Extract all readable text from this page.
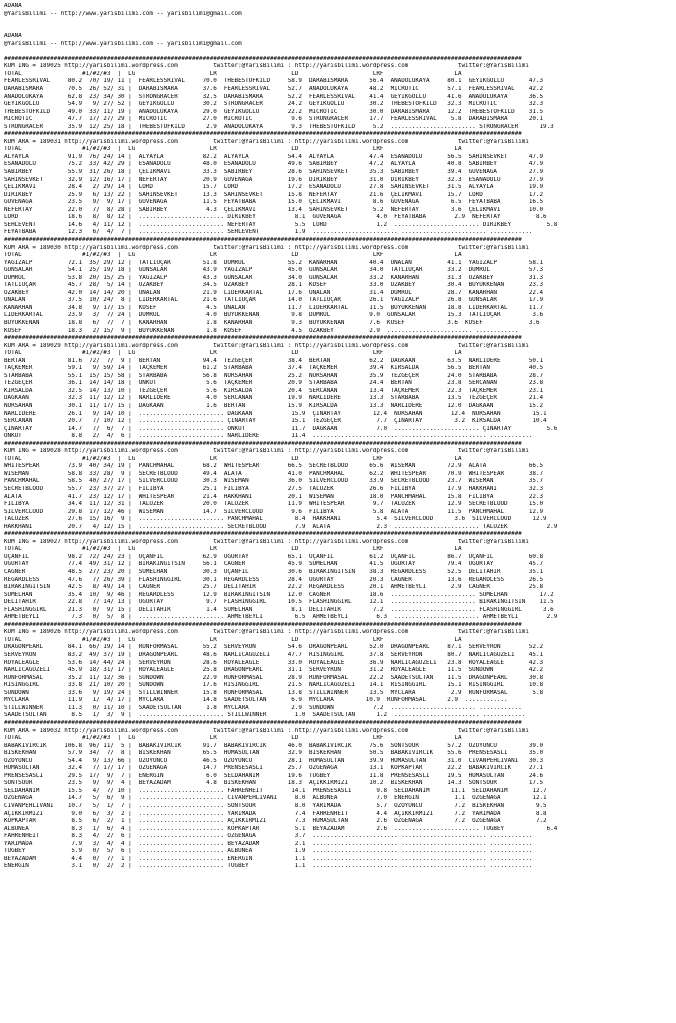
ADANA
@YarisBilimi -- http://www.yarisbilimi.com -- yarisbilimi@gmail.com

ADANA
@YarisBilimi -- http://www.yarisbilimi.com -- yarisbilimi@gmail.com

##################################################################################################################################################
KUM ING = 189025 http://yarisbilimi.wordpress.com          twitter:@YarisBilimi : http://yarisbilimi.wordpress.com              twitter:@YarisBilimi
TOTAL                 #1/#2/#3  |  LG                     LR                     LD                     LRF                    LA
FEARLESSRIVAL     80.2  70/ 19/ 11 |  FEARLESSRIVAL     70.0  THEBESTOFKILD     58.9  DARABISMARA      56.4  ANADOLUKAYA     80.1  GEYIKGÖLLÜ       47.3
DARABISMARA       70.5  26/ 52/ 31 |  DARABISMARA       37.6  FEARLESSRIVAL     52.7  ANADOLUKAYA      48.2  MICROTIC        57.1  FEARLESSRIVAL    42.2
ANADOLUKAYA       62.8  23/ 34/ 30 |  STRONGRACER       32.5  DARABISMARA       52.2  FEARLESSRIVAL    41.4  GEYIKGÖLLÜ      41.6  ANADOLUKAYA      36.5
GEYIKGÖLLÜ        54.9   9/ 27/ 52 |  GEYIKGÖLLÜ        30.2  STRONGRACER       24.2  GEYIKGÖLLÜ       30.2  THEBESTOFKILD   32.3  MICROTIC         32.3
THEBESTOFKILD     49.0  33/ 11/ 19 |  ANADOLUKAYA       29.0  GEYIKGÖLLÜ        22.2  MICROTIC         30.0  DARABISMARA     12.2  THEBESTOFKILD    31.5
MICROTIC          47.7  17/ 27/ 29 |  MICROTIC          27.0  MICROTIC           9.6  STRONGRACER      17.7  FEARLESSRIVAL    5.8  DARABISMARA      20.1
STRONGRACER       35.9  12/ 25/ 18 |  THEBESTOFKILD      2.9  ANADOLUKAYA        9.3  THEBESTOFKILD     5.2  ........................ STRONGRACER      19.3
##################################################################################################################################################
KUM ARA = 189031 http://yarisbilimi.wordpress.com          twitter:@YarisBilimi : http://yarisbilimi.wordpress.com              twitter:@YarisBilimi
TOTAL                 #1/#2/#3  |  LG                     LR                     LD                     LRF                    LA
ALYAYLA           91.9  76/ 24/ 14 |  ALYAYLA           82.2  ALYAYLA           54.4  ALYAYLA          47.4  ESANADOLU       56.5  SAHINSEVKET      47.9
ESANADOLU         75.2  33/ 42/ 29 |  ESANADOLU         48.0  ESANADOLU         49.6  SABIRBEY         47.2  ALYAYLA         40.8  SABIRBEY         47.9
SABIRBEY          55.9  31/ 26/ 18 |  ÇELIKMAVI         33.3  SABIRBEY          28.6  SAHINSEVKET      35.3  SABIRBEY        39.4  GÜVENAGA         27.9
SAHINSEVKET       32.9  12/ 16/ 17 |  NEFERTAY          20.9  GÜVENAGA          19.6  DIRIKBEY         31.0  DIRIKBEY        32.3  ESANADOLU        27.9
ÇELIKMAVI         28.4   2/ 29/ 14 |  LORD              15.7  LORD              17.2  ESANADOLU        27.8  SAHINSEVKET     31.5  ALYAYLA          19.9
DIRIKBEY          25.9   6/ 13/ 22 |  SAHINSEVKET       13.3  SAHINSEVKET       15.8  NEFERTAY         21.6  ÇELIKMAVI       15.7  LORD             17.2
GÜVENAGA          23.5   9/  9/ 17 |  GÜVENAGA          11.5  FEYATBABA         15.0  ÇELIKMAVI         8.6  GÜVENAGA         6.5  FEYATBABA        16.5
NEFERTAY          22.0   7/  8/ 28 |  SABIRBEY           4.3  ÇELIKMAVI         13.4  SAHINSEVKET       5.2  NEFERTAY         3.6  ÇELIKMAVI        10.0
LORD              18.6   8/  8/ 12 |  ........................ DIRIKBEY           8.1  GÜVENAGA          4.0  FEYATBABA        2.9  NEFERTAY          8.6
SEHLEVENT         14.6   4/ 11/ 12 |  ........................ NEFERTAY           5.5  LORD              1.2  ........................ DIRIKBEY          5.8
FEYATBABA         12.3   6/  4/  7 |  ........................ SEHLEVENT          1.9  ........................ ........................ ............
##################################################################################################################################################
KUM ARA = 189030 http://yarisbilimi.wordpress.com          twitter:@YarisBilimi : http://yarisbilimi.wordpress.com              twitter:@YarisBilimi
TOTAL                 #1/#2/#3  |  LG                     LR                     LD                     LRF                    LA
YAGIZALP          72.1  35/ 29/ 12 |  TATLIÜÇAR         51.8  DUMRUL            55.2  KANARHAN         40.4  ÜNALAN          41.1  YAGIZALP         58.1
GÜNSALAR          54.1  25/ 19/ 18 |  GÜNSALAR          43.9  YAGIZALP          45.0  GÜNSALAR         34.0  TATLIÜÇAR       33.2  DUMRUL           57.3
DUMRUL            53.8  20/ 15/ 25 |  YAGIZALP          43.3  GÜNSALAR          34.0  GÜNSALAR         33.2  KANARHAN        31.3  ÖZAKBEY          31.3
TATLIÜÇAR         45.7  28/  5/ 14 |  ÖZAKBEY           34.5  ÖZAKBEY           28.1  KÖSEF            33.0  ÖZAKBEY         30.4  BÜYÜKKENAN       23.3
ÖZAKBEY           42.0  14/ 14/ 20 |  ÜNALAN            21.9  LIDERKARTAL       17.6  ÜNALAN           31.4  DUMRUL          28.7  KANARHAN         22.4
ÜNALAN            37.5  10/ 24/  8 |  LIDERKARTAL       21.6  TATLIÜÇAR         14.0  TATLIÜÇAR        26.1  YAGIZALP        26.8  GÜNSALAR         17.9
KANARHAN          34.8   9/ 17/ 15 |  KÖSEF              4.5  ÜNALAN            11.7  LIDERKARTAL      11.5  BÜYÜKKENAN      18.8  LIDERKARTAL      11.7
LIDERKARTAL       23.9   3/  7/ 24 |  DUMRUL             4.0  BÜYÜKKENAN         9.8  DUMRUL           9.0  GÜNSALAR         15.3  TATLIÜÇAR         3.6
BÜYÜKKENAN        18.8   6/  7/  7 |  KANARHAN           1.8  KANARHAN           9.3  BÜYÜKKENAN       7.6  KÖSEF            3.6  KÖSEF             3.6
KÖSEF             18.3   2/ 15/  9 |  BÜYÜKKENAN         1.8  KÖSEF              4.5  ÖZAKBEY          2.9  ........................ ............
##################################################################################################################################################
KUM ARA = 189029 http://yarisbilimi.wordpress.com          twitter:@YarisBilimi : http://yarisbilimi.wordpress.com              twitter:@YarisBilimi
TOTAL                 #1/#2/#3  |  LG                     LR                     LD                     LRF                    LA
BERTAN            81.6  72/  7/  9 |  BERTAN            94.4  TEZGEÇER          38.4  BERTAN           62.2  DAGKAAN         63.5  NARLIDERE        50.1
TAÇKEMER          59.1   9/ 59/ 14 |  TAÇKEMER          61.2  STARBABA          37.4  TAÇKEMER         39.4  KIRSALDA        56.5  BERTAN           40.5
STARBABA          55.1  15/ 15/ 58 |  STARBABA          56.8  NURSAHAN          25.2  NURSAHAN         35.9  TEZGEÇER        24.0  STARBABA         28.7
TEZGEÇER          36.1  14/ 14/ 18 |  ONKUT              5.6  TAÇKEMER          20.9  STARBABA         24.4  BERTAN          23.8  SERCANAN         23.8
KIRSALDA          32.5  14/ 13/ 10 |  TEZGEÇER           5.6  KIRSALDA          20.4  SERCANAN         13.4  TAÇKEMER        22.3  TAÇKEMER         23.1
DAGKAAN           32.3  11/ 12/ 12 |  NARLIDERE          4.0  SERCANAN          19.9  NARLIDERE        13.3  STARBABA        13.5  TEZGEÇER         21.4
NURSAHAN          30.1  11/ 17/ 15 |  DAGKAAN            1.6  BERTAN            15.9  KIRSALDA         13.3  NARLIDERE       12.0  DAGKAAN          15.2
NARLIDERE         26.1   9/ 14/ 10 |  ........................ DAGKAAN           15.9  ÇINARTAY         12.4  NURSAHAN        12.4  NURSAHAN         15.1
SERCANAN          20.7   7/ 10/ 12 |  ........................ ÇINARTAY          15.1  TEZGEÇER          7.7  ÇINARTAY         3.2  KIRSALDA         10.4
ÇINARTAY          14.7   7/  6/  7 |  ........................ ONKUT             11.7  DAGKAAN           7.0  ........................ ÇINARTAY          5.6
ONKUT              8.8   2/  4/  6 |  ........................ NARLIDERE         11.4  ........................ ........................ ............
##################################################################################################################################################
KUM ING = 189028 http://yarisbilimi.wordpress.com          twitter:@YarisBilimi : http://yarisbilimi.wordpress.com              twitter:@YarisBilimi
TOTAL                 #1/#2/#3  |  LG                     LR                     LD                     LRF                    LA
WHITESPEAR        73.9  40/ 34/ 19 |  PANCHMAHAL        68.2  WHITESPEAR        66.5  SECRETBLOOD      65.6  WISEMAN         72.9  ALATA            66.5
WISEMAN           58.8  33/ 28/  9 |  SECRETBLOOD       49.4  ALATA             41.0  PANCHMAHAL       62.2  WHITESPEAR      70.9  WHITESPEAR       38.7
PANCHMAHAL        58.5  40/ 27/ 17 |  SILVERCLOUD       30.3  WISEMAN           36.0  SILVERCLOUD      33.9  SECRETBLOOD     23.7  WISEMAN          35.7
SECRETBLOOD       55.7  23/ 37/ 27 |  FILIBYA           25.1  FILIBYA           27.5  TALUZEK          26.6  FILIBYA         17.9  HAKKHANI         32.3
ALATA             41.7  23/ 12/ 17 |  WHITESPEAR        21.4  HAKKHANI          20.1  WISEMAN          18.0  PANCHMAHAL      15.8  FILIBYA          22.3
FILIBYA           34.4  11/ 12/ 31 |  TALUZEK           20.0  TALUZEK           11.9  WHITESPEAR        9.7  TALUZEK         12.9  SECRETBLOOD      15.0
SILVERCLOUD       29.8  17/ 12/ 46 |  WISEMAN           14.7  SILVERCLOUD        9.6  FILIBYA           5.8  ALATA           11.5  PANCHMAHAL       12.9
TALUZEK           27.6  15/ 16/  9 |  ........................ PANCHMAHAL         8.4  HAKKHANI          5.4  SILVERCLOUD      3.6  SILVERCLOUD      12.9
HAKKHANI          20.7   4/ 12/ 15 |  ........................ SECRETBLOOD        7.9  ALATA             2.3  ........................ TALUZEK           2.9
##################################################################################################################################################
KUM ING = 189027 http://yarisbilimi.wordpress.com          twitter:@YarisBilimi : http://yarisbilimi.wordpress.com              twitter:@YarisBilimi
TOTAL                 #1/#2/#3  |  LG                     LR                     LD                     LRF                    LA
UÇANFIL           98.2  72/ 24/ 23 |  UÇANFIL           62.9  UGURTAY           65.1  UÇANFIL          61.2  UÇANFIL         86.7  UÇANFIL          60.8
UGURTAY           77.4  49/ 31/ 12 |  BIRAKINGITSIN     56.1  CAGNER            45.9  SUMELHAN         41.5  UGURTAY         79.4  UGURTAY          45.7
CAGNER            48.5  27/ 23/ 20 |  SUMELHAN          30.3  UÇANFIL           30.6  BIRAKINGITSIN    38.3  REGARDLESS      52.5  DELITAHIR        35.1
REGARDLESS        47.6   7/ 26/ 39 |  FLASHINGGIRL      30.1  REGARDLESS        28.4  UGURTAY          20.3  CAGNER          13.6  REGARDLESS       26.5
BIRAKINGITSIN     42.5   8/ 49/ 14 |  CAGNER            25.7  DELITAHIR         22.2  REGARDLESS       20.1  AHMETBEYLI       2.9  CAGNER           25.8
SUMELHAN          35.4  10/  9/ 46 |  REGARDLESS        12.9  BIRAKINGITSIN     12.0  CAGNER           18.6  ........................ SUMELHAN         17.2
DELITAHIR         22.8   7/ 14/ 13 |  UGURTAY            9.7  FLASHINGGIRL      10.5  FLASHINGGIRL     12.1  ........................ BIRAKINGITSIN    11.5
FLASHINGGIRL      21.3   0/  9/ 15 |  DELITAHIR          1.4  SUMELHAN           8.1  DELITAHIR         7.2  ........................ FLASHINGGIRL      3.6
AHMETBEYLI         7.3   0/  5/  8 |  ........................ AHMETBEYLI         6.5  AHMETBEYLI        6.3  ........................ AHMETBEYLI        2.9
##################################################################################################################################################
KUM ING = 189026 http://yarisbilimi.wordpress.com          twitter:@YarisBilimi : http://yarisbilimi.wordpress.com              twitter:@YarisBilimi
TOTAL                 #1/#2/#3  |  LG                     LR                     LD                     LRF                    LA
DRAGONPEARL       84.1  66/ 19/ 14 |  RUNFORMASAL       55.2  SERVEYRON         54.6  DRAGONPEARL      52.0  DRAGONPEARL     87.1  SERVEYRON        52.2
SERVEYRON         83.2  49/ 37/ 19 |  DRAGONPEARL       48.6  NARLICAGÜZELI     47.7  RISINGGIRL       37.8  SERVEYRON       80.7  NARLICAGÜZELI    45.1
ROYALEAGLE        53.6  14/ 44/ 24 |  SERVEYRON         28.6  ROYALEAGLE        33.0  ROYALEAGLE       36.9  NARLICAGÜZELI   23.8  ROYALEAGLE       42.3
NARLICAGÜZELI     45.9  18/ 31/ 17 |  ROYALEAGLE        25.8  DRAGONPEARL       31.1  SERVEYRON        31.2  ROYALEAGLE      11.5  SUNDOWN          42.2
RUNFORMASAL       35.2  11/ 12/ 36 |  SUNDOWN           22.9  RUNFORMASAL       28.9  RUNFORMASAL      22.2  SAADETSULTAN    11.5  DRAGONPEARL      30.8
RISINGGIRL        33.8  21/ 10/ 20 |  SUNDOWN           17.6  RISINGGIRL        21.5  NARLICAGÜZELI    14.1  RISINGGIRL      15.1  RISINGGIRL       10.8
SUNDOWN           33.6   9/ 19/ 24 |  STILLWINNER       15.8  RUNFORMASAL       13.8  STILLWINNER      13.5  MYCLARA          2.9  RUNFORMASAL       5.8
MYCLARA           11.9   1/  4/ 17 |  MYCLARA           14.8  SAADETSULTAN       6.9  MYCLARA         10.9  RUNFORMASAL      2.9  ............
STILLWINNER       11.3   0/ 11/ 10 |  SAADETSULTAN       1.8  MYCLARA            2.9  SUNDOWN           7.2  ........................ ............
SAADETSULTAN       8.5   1/  3/  9 |  ........................ STILLWINNER        1.0  SAADETSULTAN      1.2  ........................ ............
##################################################################################################################################################
KUM ARA = 189032 http://yarisbilimi.wordpress.com          twitter:@YarisBilimi : http://yarisbilimi.wordpress.com              twitter:@YarisBilimi
TOTAL                 #1/#2/#3  |  LG                     LR                     LD                     LRF                    LA
BABAKIVIRCIK     106.8  96/ 11/  5 |  BABAKIVIRCIK      91.7  BABAKIVIRCIK      46.0  BABAKIVIRCIK     75.6  SONTSOUR        57.2  ÖZOYUNCU         39.0
BISKEKHAN         57.9  34/  7/  8 |  BISKEKHAN         65.5  HÜMASULTAN        32.9  BISKEKHAN        50.5  BABAKIVIRCIK    55.6  PRENSESASLI      35.0
ÖZOYUNCU          54.4   9/ 13/ 66 |  ÖZOYUNCU          46.5  ÖZOYUNCU          28.1  HÜMASULTAN       39.9  HÜMASULTAN      31.0  CIVANPEHLIVANI   30.3
HÜMASULTAN        32.4   7/ 17/ 17 |  ÖZGENAGA          14.7  PRENSESASLI       25.7  ÖZGENAGA         13.1  KOPKAPTAR       22.2  BABAKIVIRCIK     27.1
PRENSESASLI       29.5  17/  9/  7 |  ENERGIN            6.0  SELDAHANIM        19.6  TUGBEY           11.8  PRENSESASLI     19.5  HÜMASULTAN       24.6
SONTSOUR          23.5   9/  9/  4 |  BEYAZADAM          4.8  BISKEKHAN         18.3  AÇIKKIRMIZI      10.2  BISKEKHAN       14.3  SONTSOUR         17.5
SELDAHANIM        15.5   4/  7/ 10 |  ........................ FAHRENHEIT        14.1  PRENSESASLI       9.8  SELDAHANIM      11.1  SELDAHANIM       12.7
ÖZGENAGA          14.7   5/  6/  9 |  ........................ CIVANPEHLIVANI     8.0  ALBUNEA           7.0  ENERGIN          1.1  ÖZGENAGA         12.1
CIVANPEHLIVANI    10.7   5/  1/  7 |  ........................ SONTSOUR           8.0  YARIMADA          5.7  ÖZOYUNCU         7.2  BISKEKHAN         9.5
AÇIKKIRMIZI        9.0   6/  3/  2 |  ........................ YARIMADA           7.4  FAHRENHEIT        4.4  AÇIKKIRMIZI      7.2  YARIMADA          8.8
KOPKAPTAR          8.5   6/  2/  1 |  ........................ AÇIKKIRMIZI        7.3  HÜMASULTAN        2.6  ÖZGENAGA         7.2  ÖZGENAGA          7.2
ALBUNEA            8.3   1/  6/  4 |  ........................ KOPKAPTAR          5.1  BEYAZADAM         2.6  ........................ TUGBEY            6.4
FAHRENHEIT         8.3   4/  2/  6 |  ........................ ÖZGENAGA           3.7  ........................ ........................ ............
YARIMADA           7.9   3/  4/  4 |  ........................ BEYAZADAM          2.1  ........................ ........................ ............
TUGBEY             5.9   0/  5/  6 |  ........................ ALBUNEA            1.9  ........................ ........................ ............
BEYAZADAM          4.4   0/  7/  1 |  ........................ ENERGIN            1.1  ........................ ........................ ............
ENERGIN            3.1   0/  2/  2 |  ........................ TUGBEY             1.1  ........................ ........................ ............
